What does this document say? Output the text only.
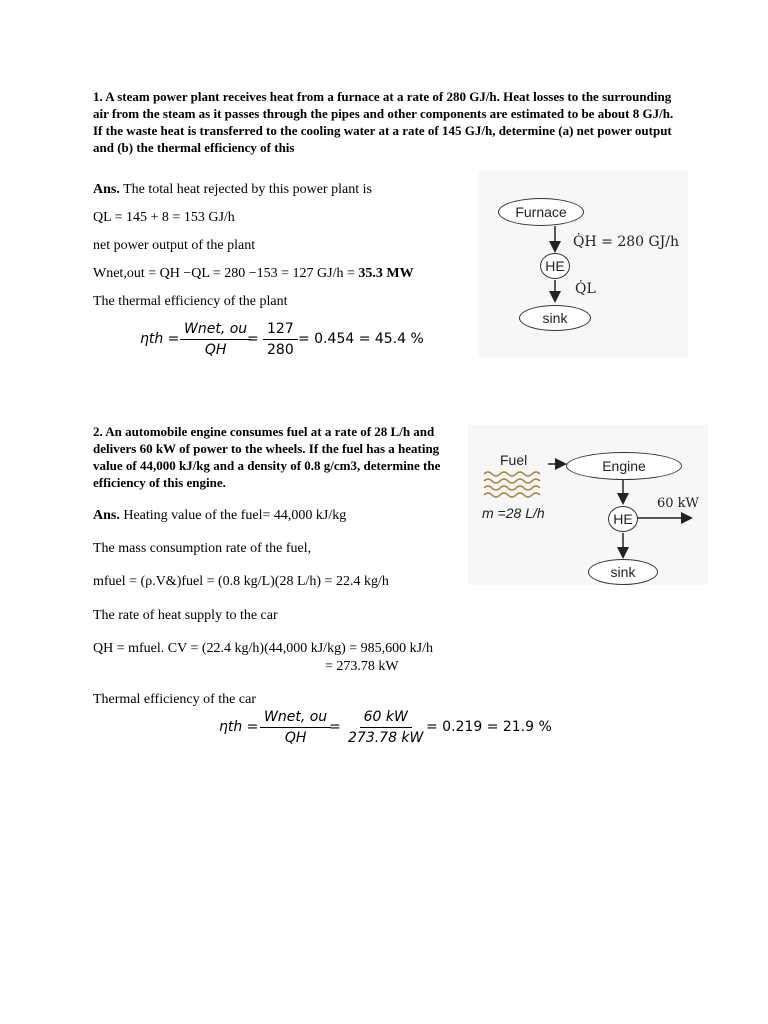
1. A steam power plant receives heat from a furnace at a rate of 280 GJ/h. Heat losses to the surrounding air from the steam as it passes through the pipes and other components are estimated to be about 8 GJ/h. If the waste heat is transferred to the cooling water at a rate of 145 GJ/h, determine (a) net power output and (b) the thermal efficiency of this
Ans. The total heat rejected by this power plant is
QL = 145 + 8 = 153 GJ/h
net power output of the plant
Wnet,out = QH −QL = 280 −153 = 127 GJ/h = 35.3 MW
The thermal efficiency of the plant
ηth =
Wnet, ou
QH
= $\frac{127}{280} = 0.454 = 45.4$ %
Furnace
HE
sink
Q̇H = 280 GJ/h
Q̇L
2. An automobile engine consumes fuel at a rate of 28 L/h and delivers 60 kW of power to the wheels. If the fuel has a heating value of 44,000 kJ/kg and a density of 0.8 g/cm3, determine the efficiency of this engine.
Ans. Heating value of the fuel= 44,000 kJ/kg
The mass consumption rate of the fuel,
mfuel = (ρ.V&)fuel = (0.8 kg/L)(28 L/h) = 22.4 kg/h
The rate of heat supply to the car
QH = mfuel. CV = (22.4 kg/h)(44,000 kJ/kg) = 985,600 kJ/h
= 273.78 kW
Thermal efficiency of the car
ηth =
Wnet, ou
QH
= $\frac{60 kW}{273.78 kW}$
= 0.219 = 21.9 %
Fuel	Engine
HE
sink
60 kW
m =28 L/h
